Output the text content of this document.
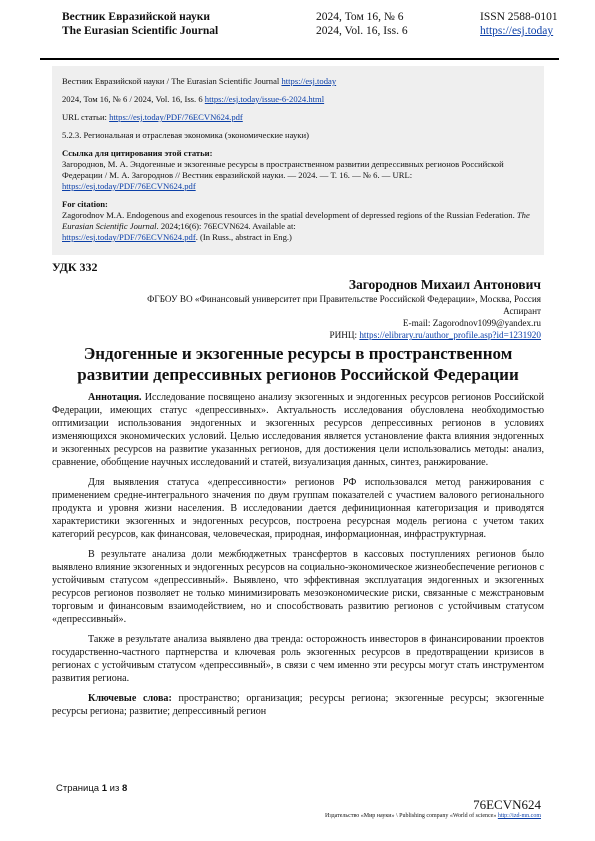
Вестник Евразийской науки
The Eurasian Scientific Journal
2024, Том 16, № 6
2024, Vol. 16, Iss. 6
ISSN 2588-0101
https://esj.today

Вестник Евразийской науки / The Eurasian Scientific Journal https://esj.today

2024, Том 16, № 6 / 2024, Vol. 16, Iss. 6 https://esj.today/issue-6-2024.html

URL статьи: https://esj.today/PDF/76ECVN624.pdf

5.2.3. Региональная и отраслевая экономика (экономические науки)

Ссылка для цитирования этой статьи:

Загороднов, М. А. Эндогенные и экзогенные ресурсы в пространственном развитии депрессивных регионов Российской Федерации / М. А. Загороднов // Вестник евразийской науки. — 2024. — Т. 16. — № 6. — URL:
https://esj.today/PDF/76ECVN624.pdf

For citation:

Zagorodnov M.A. Endogenous and exogenous resources in the spatial development of depressed regions of the Russian Federation. The Eurasian Scientific Journal. 2024;16(6): 76ECVN624. Available at:
https://esj.today/PDF/76ECVN624.pdf. (In Russ., abstract in Eng.)

УДК 332
Загороднов Михаил Антонович
ФГБОУ ВО «Финансовый университет при Правительстве Российской Федерации», Москва, Россия
Аспирант
E-mail: Zagorodnov1099@yandex.ru
РИНЦ: https://elibrary.ru/author_profile.asp?id=1231920
Эндогенные и экзогенные ресурсы в пространственном развитии депрессивных регионов Российской Федерации

Аннотация. Исследование посвящено анализу экзогенных и эндогенных ресурсов регионов Российской Федерации, имеющих статус «депрессивных». Актуальность исследования обусловлена необходимостью оптимизации использования эндогенных и экзогенных ресурсов депрессивных регионов в условиях изменяющихся экономических условий. Целью исследования является установление факта влияния эндогенных и экзогенных ресурсов на развитие указанных регионов, для достижения цели использовались методы: анализ, сравнение, обобщение научных исследований и статей, визуализация данных, синтез, ранжирование.

Для выявления статуса «депрессивности» регионов РФ использовался метод ранжирования с применением средне-интегрального значения по двум группам показателей с участием валового регионального продукта и уровня жизни населения. В исследовании дается дефиниционная категоризация и приводятся характеристики экзогенных и эндогенных ресурсов, построена ресурсная модель региона с учетом таких категорий ресурсов, как финансовая, человеческая, природная, информационная, инфраструктурная.

В результате анализа доли межбюджетных трансфертов в кассовых поступлениях регионов было выявлено влияние экзогенных и эндогенных ресурсов на социально-экономическое жизнеобеспечение регионов с устойчивым статусом «депрессивный». Выявлено, что эффективная эксплуатация эндогенных и экзогенных ресурсов регионов позволяет не только минимизировать мезоэкономические риски, связанные с межстрановым торговым и финансовым взаимодействием, но и способствовать развитию регионов с устойчивым статусом «депрессивный».

Также в результате анализа выявлено два тренда: осторожность инвесторов в финансировании проектов государственно-частного партнерства и ключевая роль экзогенных ресурсов в предотвращении кризисов в регионах с устойчивым статусом «депрессивный», в связи с чем именно эти ресурсы могут стать инструментом развития региона.

Ключевые слова: пространство; организация; ресурсы региона; экзогенные ресурсы; экзогенные ресурсы региона; развитие; депрессивный регион

Страница 1 из 8
76ECVN624
Издательство «Мир науки» \ Publishing company «World of science» http://izd-mn.com
